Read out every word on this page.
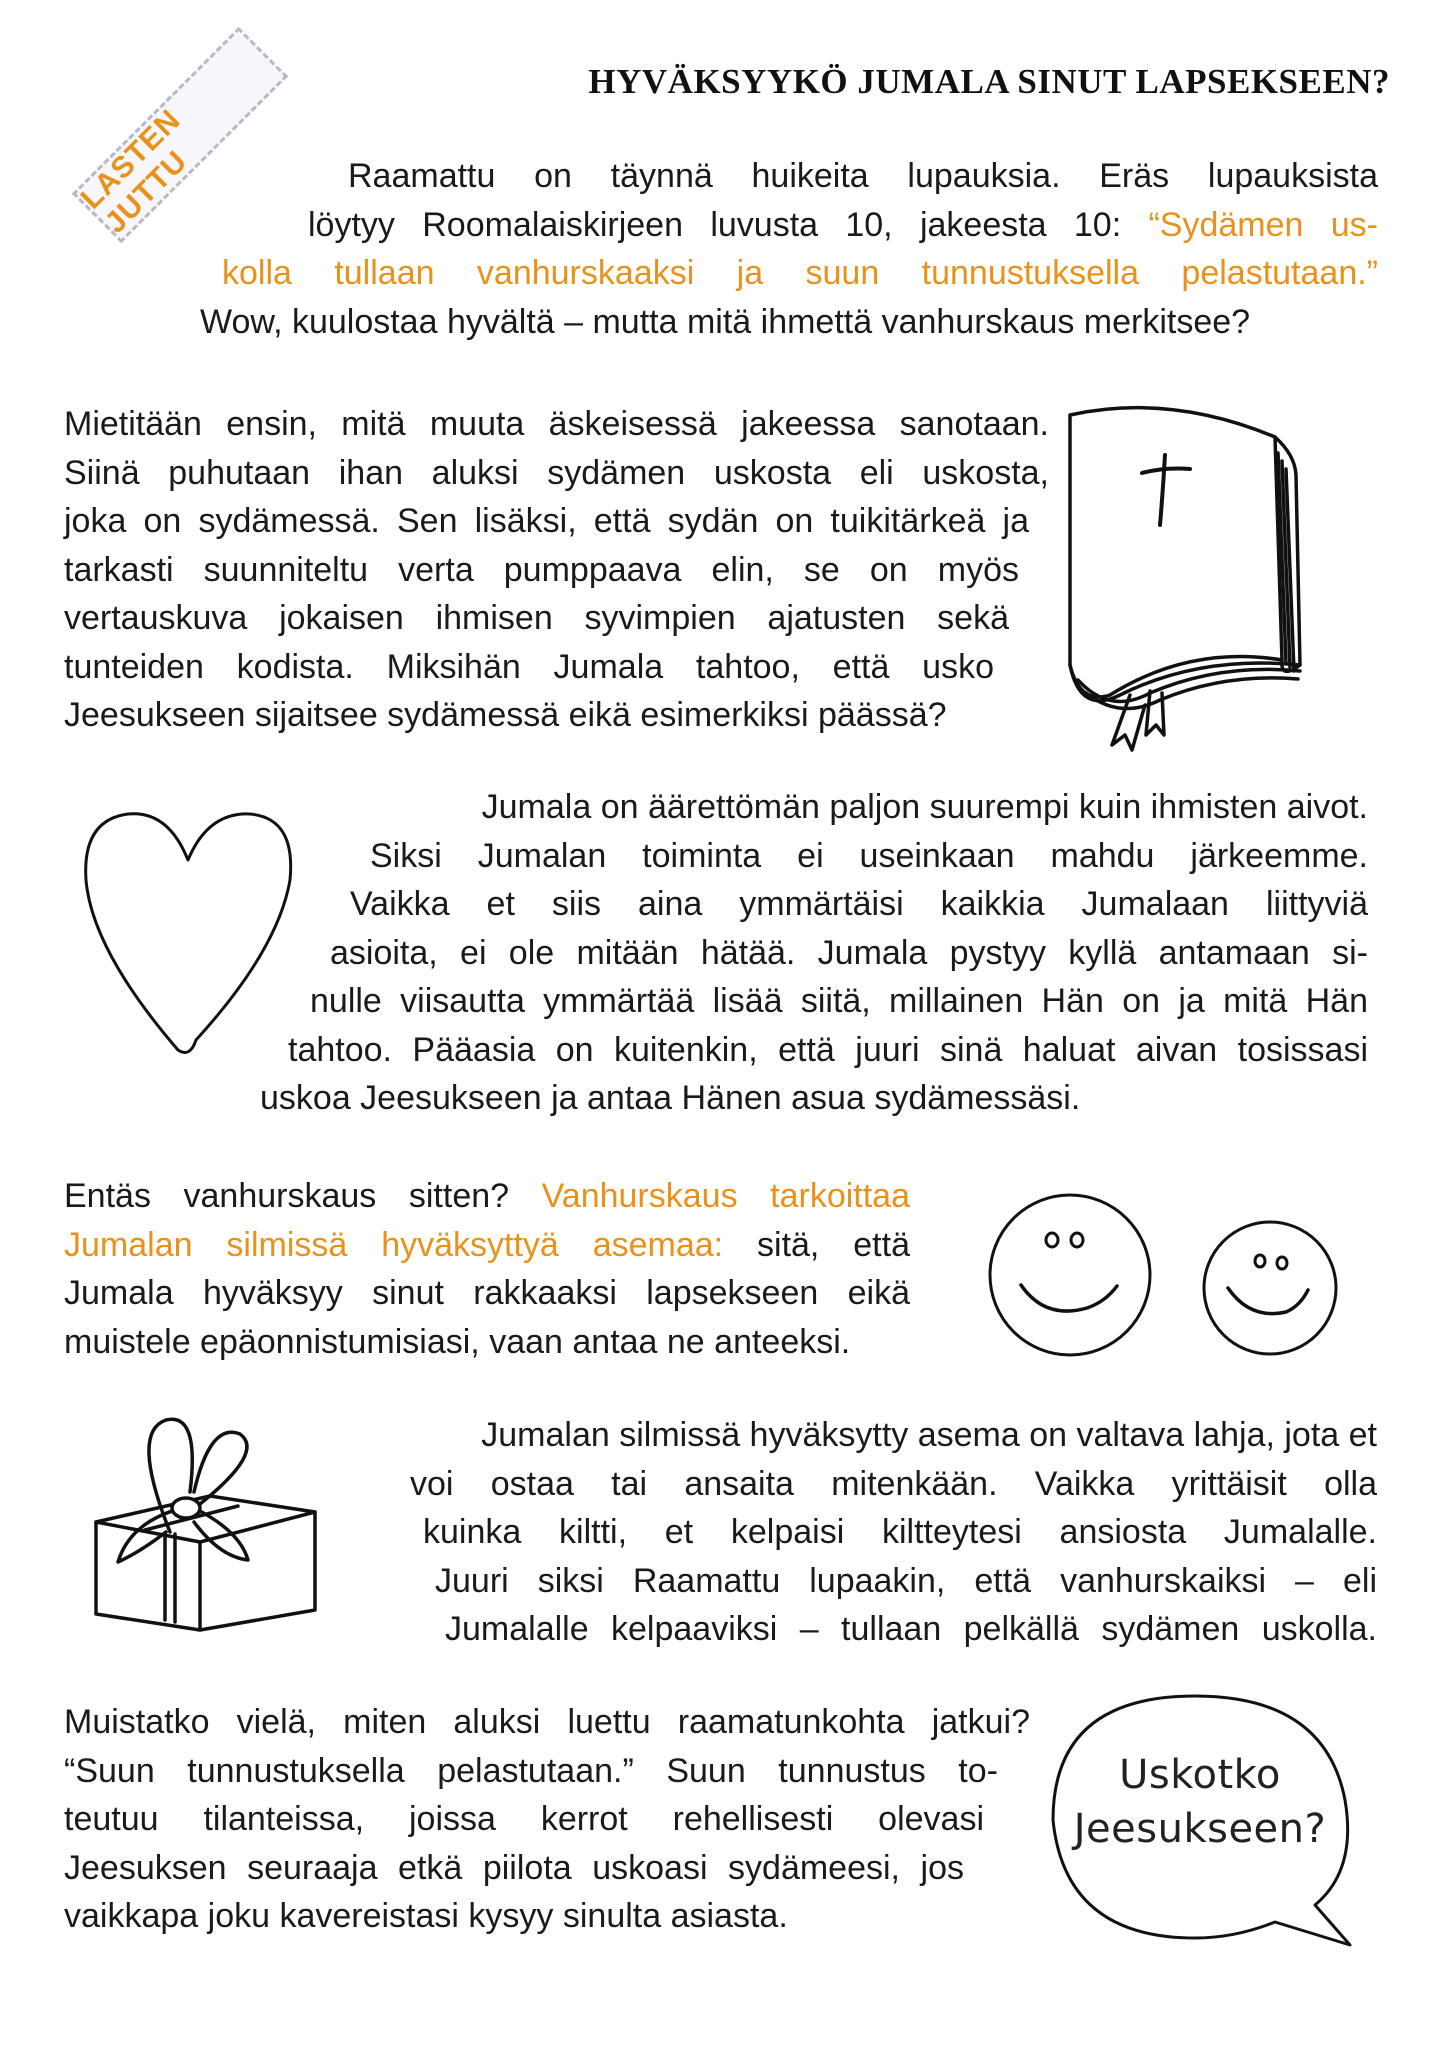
LASTEN JUTTU
HYVÄKSYYKÖ JUMALA SINUT LAPSEKSEEN?
Raamattu on täynnä huikeita lupauksia. Eräs lupauksista
löytyy Roomalaiskirjeen luvusta 10, jakeesta 10: “Sydämen us-
kolla tullaan vanhurskaaksi ja suun tunnustuksella pelastutaan.”
Wow, kuulostaa hyvältä – mutta mitä ihmettä vanhurskaus merkitsee?
Mietitään ensin, mitä muuta äskeisessä jakeessa sanotaan.
Siinä puhutaan ihan aluksi sydämen uskosta eli uskosta,
joka on sydämessä. Sen lisäksi, että sydän on tuikitärkeä ja
tarkasti suunniteltu verta pumppaava elin, se on myös
vertauskuva jokaisen ihmisen syvimpien ajatusten sekä
tunteiden kodista. Miksihän Jumala tahtoo, että usko
Jeesukseen sijaitsee sydämessä eikä esimerkiksi päässä?
Jumala on äärettömän paljon suurempi kuin ihmisten aivot.
Siksi Jumalan toiminta ei useinkaan mahdu järkeemme.
Vaikka et siis aina ymmärtäisi kaikkia Jumalaan liittyviä
asioita, ei ole mitään hätää. Jumala pystyy kyllä antamaan si-
nulle viisautta ymmärtää lisää siitä, millainen Hän on ja mitä Hän
tahtoo. Pääasia on kuitenkin, että juuri sinä haluat aivan tosissasi
uskoa Jeesukseen ja antaa Hänen asua sydämessäsi.
Entäs vanhurskaus sitten? Vanhurskaus tarkoittaa
Jumalan silmissä hyväksyttyä asemaa: sitä, että
Jumala hyväksyy sinut rakkaaksi lapsekseen eikä
muistele epäonnistumisiasi, vaan antaa ne anteeksi.
Jumalan silmissä hyväksytty asema on valtava lahja, jota et
voi ostaa tai ansaita mitenkään. Vaikka yrittäisit olla
kuinka kiltti, et kelpaisi kiltteytesi ansiosta Jumalalle.
Juuri siksi Raamattu lupaakin, että vanhurskaiksi – eli
Jumalalle kelpaaviksi – tullaan pelkällä sydämen uskolla.
Muistatko vielä, miten aluksi luettu raamatunkohta jatkui?
“Suun tunnustuksella pelastutaan.” Suun tunnustus to-
teutuu tilanteissa, joissa kerrot rehellisesti olevasi
Jeesuksen seuraaja etkä piilota uskoasi sydämeesi, jos
vaikkapa joku kavereistasi kysyy sinulta asiasta.
Uskotko
Jeesukseen?
